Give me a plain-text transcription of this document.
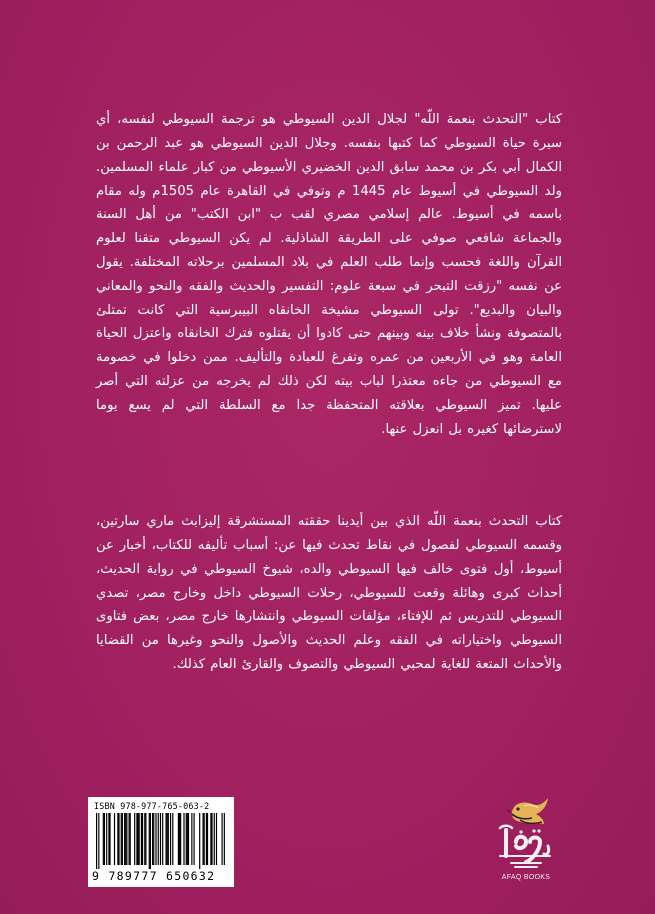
كتاب "التحدث بنعمة اللّه" لجلال الدين السيوطي هو ترجمة السيوطي لنفسه، أي سيرة حياة السيوطي كما كتبها بنفسه. وجلال الدين السيوطي هو عبد الرحمن بن الكمال أبي بكر بن محمد سابق الدين الخضيري الأسيوطي من كبار علماء المسلمين. ولد السيوطي في أسيوط عام 1445 م وتوفي في القاهرة عام 1505م وله مقام باسمه في أسيوط. عالم إسلامي مصري لقب ب "ابن الكتب" من أهل السنة والجماعة شافعي صوفي على الطريقة الشاذلية. لم يكن السيوطي متقنا لعلوم القرآن واللغة فحسب وإنما طلب العلم في بلاد المسلمين برحلاته المختلفة. يقول عن نفسه "رزقت التبحر في سبعة علوم: التفسير والحديث والفقه والنحو والمعاني والبيان والبديع". تولى السيوطي مشيخة الخانقاه البيبرسية التي كانت تمتلئ بالمتصوفة ونشأ خلاف بينه وبينهم حتى كادوا أن يقتلوه فترك الخانقاه واعتزل الحياة العامة وهو في الأربعين من عمره وتفرغ للعبادة والتأليف. ممن دخلوا في خصومة مع السيوطي من جاءه معتذرا لباب بيته لكن ذلك لم يخرجه من عزلته التي أصر عليها. تميز السيوطي بعلاقته المتحفظة جدا مع السلطة التي لم يسع يوما لاسترضائها كغيره بل انعزل عنها.

كتاب التحدث بنعمة اللّه الذي بين أيدينا حققته المستشرقة إليزابث ماري سارتين، وقسمه السيوطي لفصول في نقاط تحدث فيها عن: أسباب تأليفه للكتاب، أخبار عن أسيوط، أول فتوى خالف فيها السيوطي والده، شيوخ السيوطي في رواية الحديث، أحداث كبرى وهائلة وقعت للسيوطي، رحلات السيوطي داخل وخارج مصر، تصدي السيوطي للتدريس ثم للإفتاء، مؤلفات السيوطي وانتشارها خارج مصر، بعض فتاوى السيوطي واختياراته في الفقه وعلم الحديث والأصول والنحو وغيرها من القضايا والأحداث المتعة للغاية لمحبي السيوطي والتصوف والقارئ العام كذلك.

ISBN 978-977-765-063-2
9 789777 650632	AFAQ BOOKS
